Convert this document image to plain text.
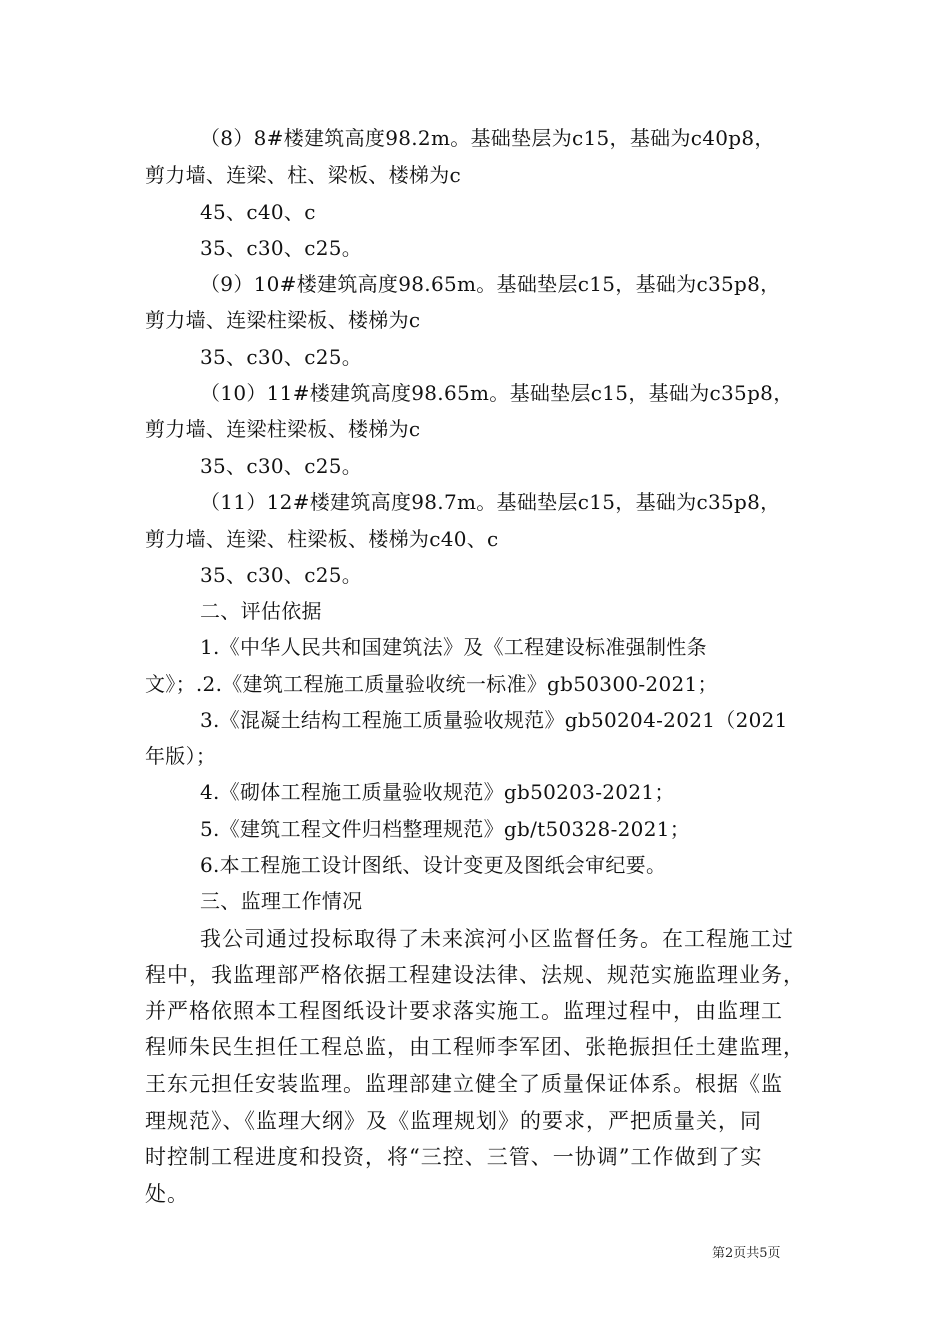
（8）8#楼建筑高度98.2m。基础垫层为c15，基础为c40p8，
剪力墙、连梁、柱、梁板、楼梯为c
45、c40、c
35、c30、c25。
（9）10#楼建筑高度98.65m。基础垫层c15，基础为c35p8，
剪力墙、连梁柱梁板、楼梯为c
35、c30、c25。
（10）11#楼建筑高度98.65m。基础垫层c15，基础为c35p8，
剪力墙、连梁柱梁板、楼梯为c
35、c30、c25。
（11）12#楼建筑高度98.7m。基础垫层c15，基础为c35p8，
剪力墙、连梁、柱梁板、楼梯为c40、c
35、c30、c25。
二、评估依据
1.《中华人民共和国建筑法》及《工程建设标准强制性条
文》；.2.《建筑工程施工质量验收统一标准》gb50300-2021；
3.《混凝土结构工程施工质量验收规范》gb50204-2021（2021
年版）；
4.《砌体工程施工质量验收规范》gb50203-2021；
5.《建筑工程文件归档整理规范》gb/t50328-2021；
6.本工程施工设计图纸、设计变更及图纸会审纪要。
三、监理工作情况
我公司通过投标取得了未来滨河小区监督任务。在工程施工过
程中，我监理部严格依据工程建设法律、法规、规范实施监理业务，
并严格依照本工程图纸设计要求落实施工。监理过程中，由监理工
程师朱民生担任工程总监，由工程师李军团、张艳振担任土建监理，
王东元担任安装监理。监理部建立健全了质量保证体系。根据《监
理规范》、《监理大纲》及《监理规划》的要求，严把质量关，同
时控制工程进度和投资，将“三控、三管、一协调”工作做到了实
处。
第2页共5页
